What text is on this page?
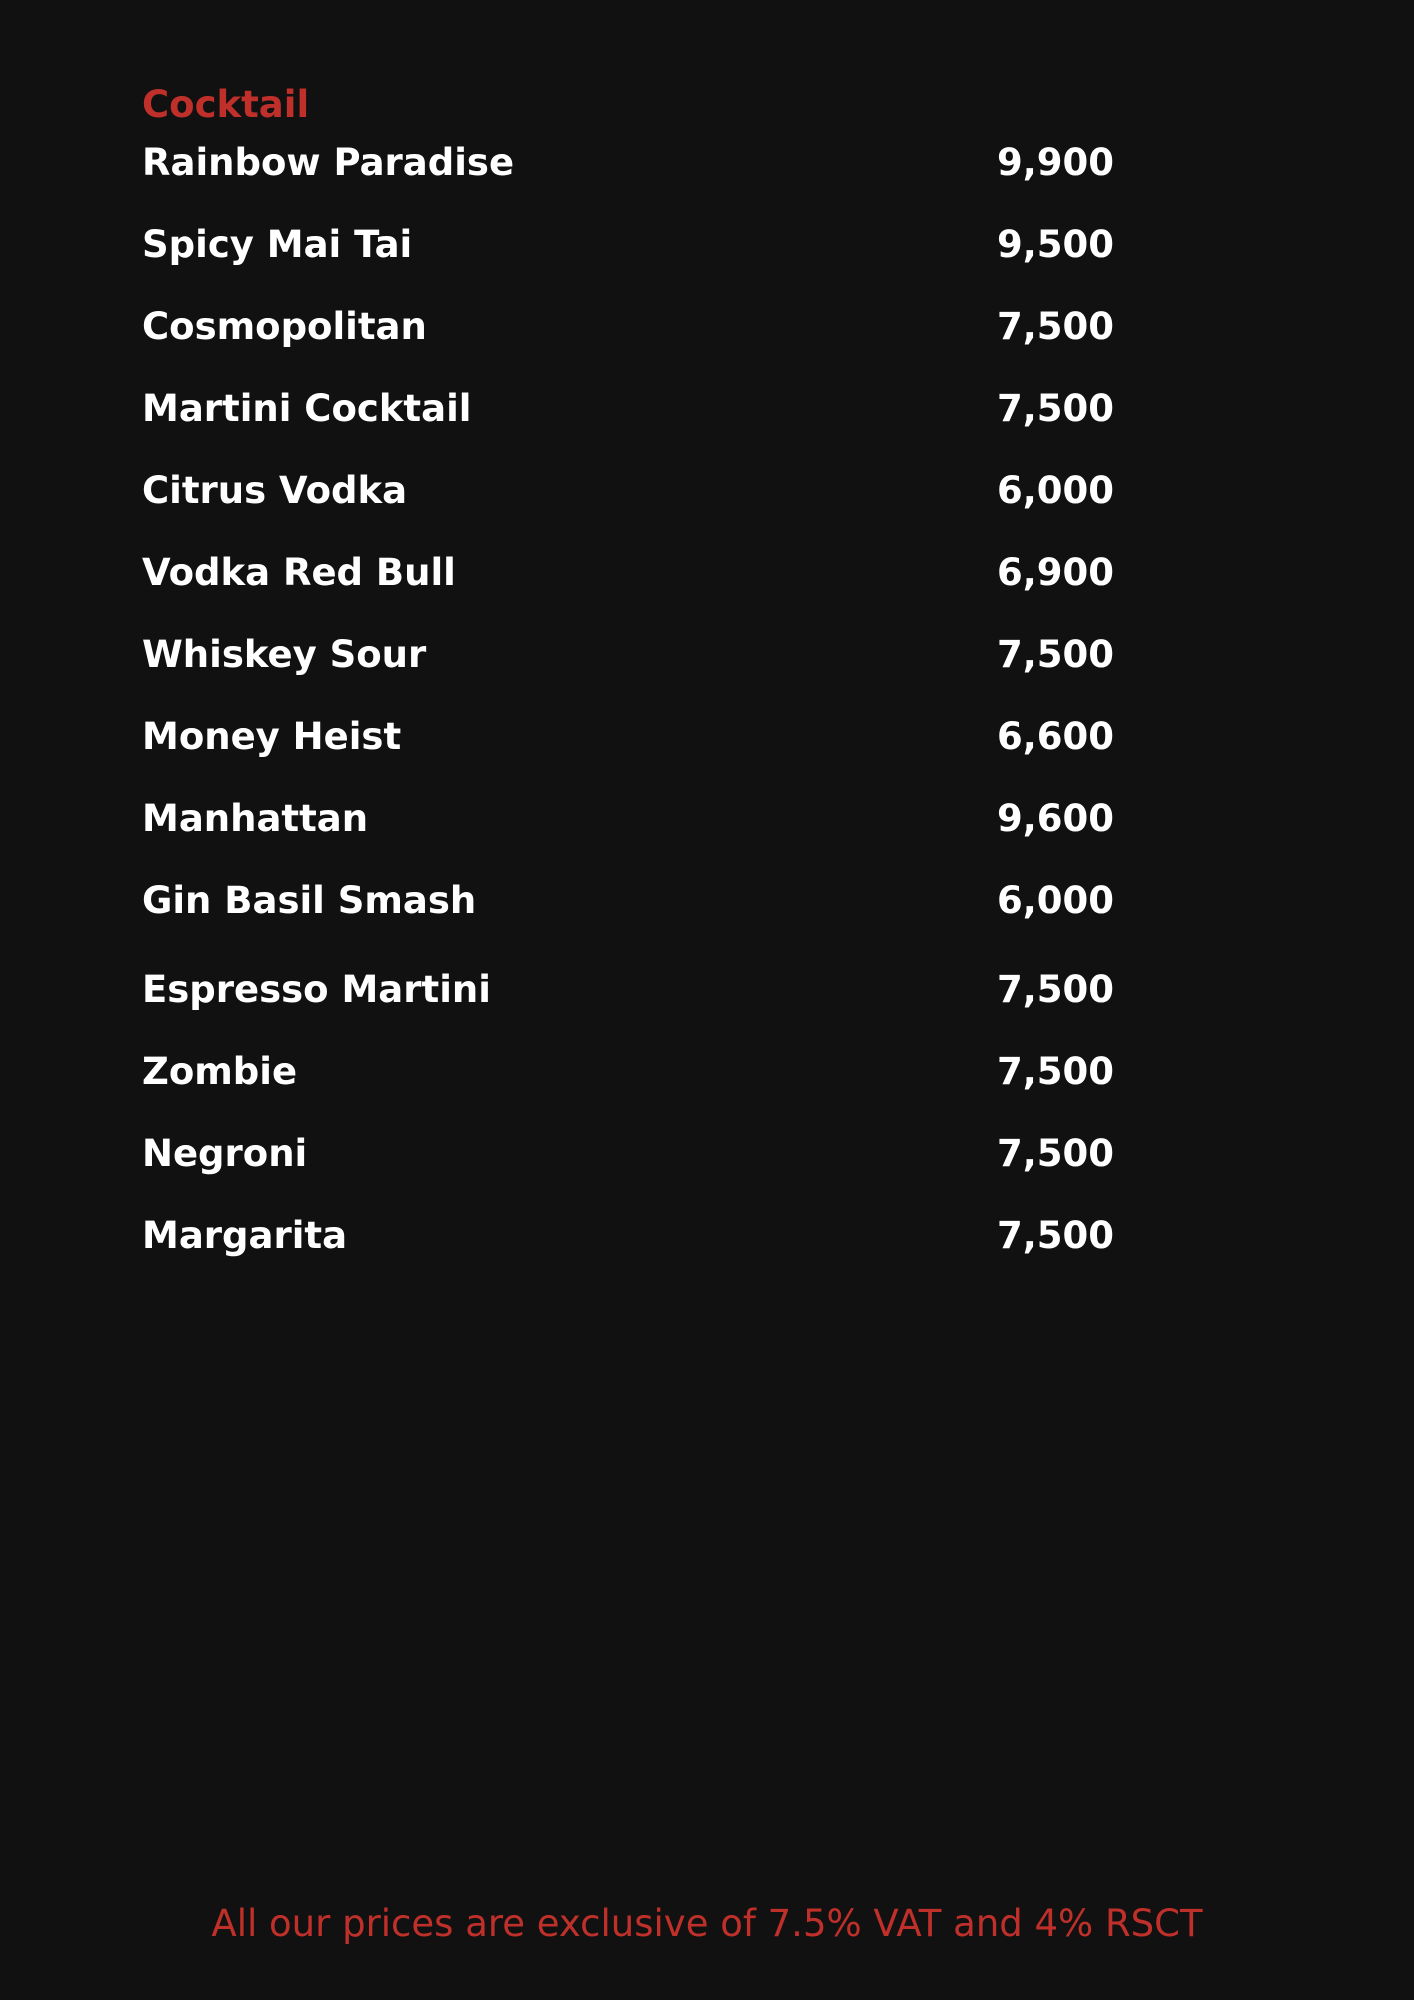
Cocktail
Rainbow Paradise	9,900
Spicy Mai Tai	9,500
Cosmopolitan	7,500
Martini Cocktail	7,500
Citrus Vodka	6,000
Vodka Red Bull	6,900
Whiskey Sour	7,500
Money Heist	6,600
Manhattan	9,600
Gin Basil Smash	6,000
Espresso Martini	7,500
Zombie	7,500
Negroni	7,500
Margarita	7,500
All our prices are exclusive of 7.5% VAT and 4% RSCT
